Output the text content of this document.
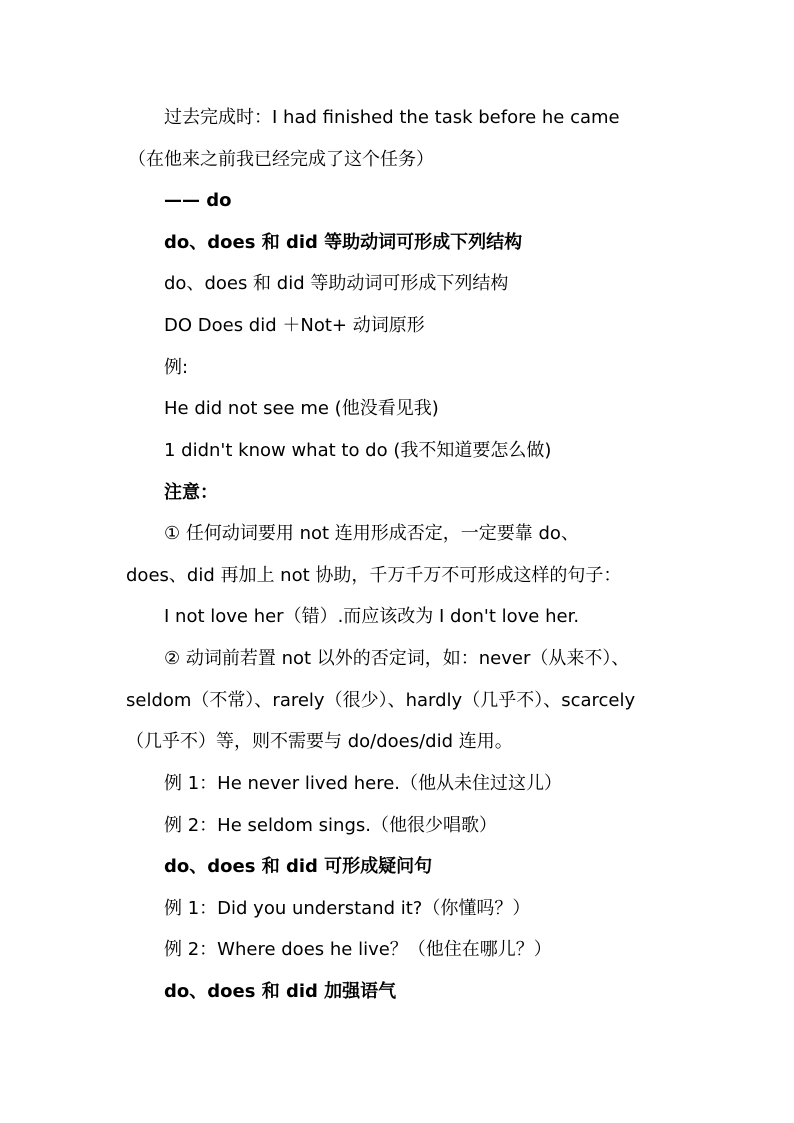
过去完成时：I had finished the task before he came
（在他来之前我已经完成了这个任务）
—— do
do、does 和 did 等助动词可形成下列结构
do、does 和 did 等助动词可形成下列结构
DO Does did ＋Not+ 动词原形
例:
He did not see me (他没看见我)
1 didn't know what to do (我不知道要怎么做)
注意：
① 任何动词要用 not 连用形成否定，一定要靠 do、
does、did 再加上 not 协助，千万千万不可形成这样的句子：
I not love her（错）.而应该改为 I don't love her.
② 动词前若置 not 以外的否定词，如：never（从来不）、
seldom（不常）、rarely（很少）、hardly（几乎不）、scarcely
（几乎不）等，则不需要与 do/does/did 连用。
例 1：He never lived here.（他从未住过这儿）
例 2：He seldom sings.（他很少唱歌）
do、does 和 did 可形成疑问句
例 1：Did you understand it?（你懂吗？）
例 2：Where does he live？（他住在哪儿？）
do、does 和 did 加强语气
